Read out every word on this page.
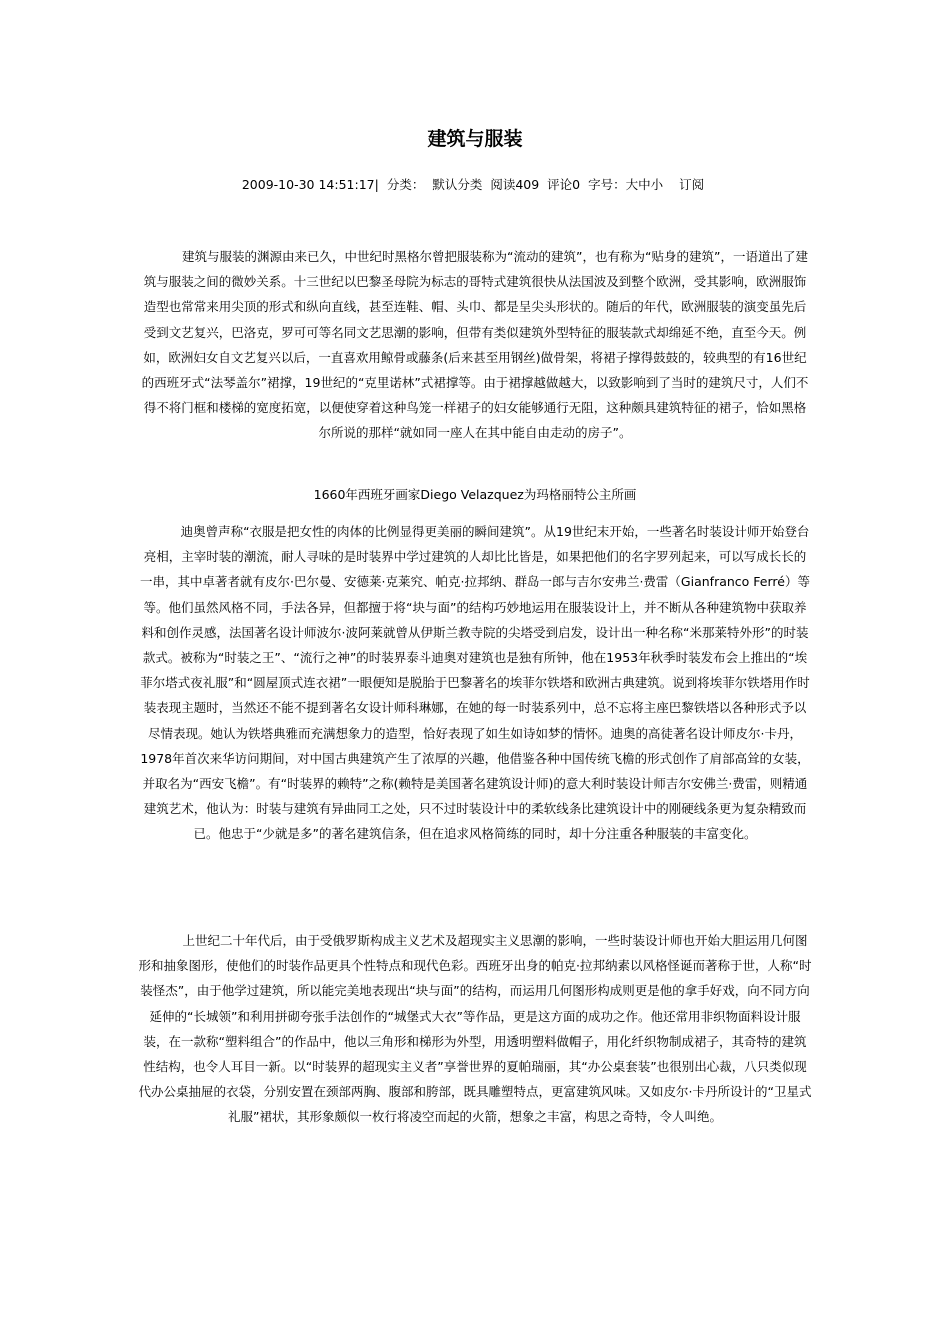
建筑与服装
2009-10-30 14:51:17| 分类： 默认分类 阅读409 评论0 字号：大中小 订阅

建筑与服装的渊源由来已久，中世纪时黑格尔曾把服装称为“流动的建筑”，也有称为“贴身的建筑”，一语道出了建筑与服装之间的微妙关系。十三世纪以巴黎圣母院为标志的哥特式建筑很快从法国波及到整个欧洲，受其影响，欧洲服饰造型也常常来用尖顶的形式和纵向直线，甚至连鞋、帽、头巾、都是呈尖头形状的。随后的年代，欧洲服装的演变虽先后受到文艺复兴，巴洛克，罗可可等名同文艺思潮的影响，但带有类似建筑外型特征的服装款式却绵延不绝，直至今天。例如，欧洲妇女自文艺复兴以后，一直喜欢用鲸骨或藤条(后来甚至用钢丝)做骨架，将裙子撑得鼓鼓的，较典型的有16世纪的西班牙式“法琴盖尔”裙撑，19世纪的“克里诺林”式裙撑等。由于裙撑越做越大，以致影响到了当时的建筑尺寸，人们不得不将门框和楼梯的宽度拓宽，以便使穿着这种鸟笼一样裙子的妇女能够通行无阻，这种颇具建筑特征的裙子，恰如黑格尔所说的那样“就如同一座人在其中能自由走动的房子”。

1660年西班牙画家Diego Velazquez为玛格丽特公主所画

迪奥曾声称“衣服是把女性的肉体的比例显得更美丽的瞬间建筑”。从19世纪末开始，一些著名时装设计师开始登台亮相，主宰时装的潮流，耐人寻味的是时装界中学过建筑的人却比比皆是，如果把他们的名字罗列起来，可以写成长长的一串，其中卓著者就有皮尔·巴尔曼、安德莱·克莱究、帕克·拉邦纳、群岛一郎与吉尔安弗兰·费雷（Gianfranco Ferré）等等。他们虽然风格不同，手法各异，但都擅于将“块与面”的结构巧妙地运用在服装设计上，并不断从各种建筑物中获取养料和创作灵感，法国著名设计师波尔·波阿莱就曾从伊斯兰教寺院的尖塔受到启发，设计出一种名称“米那莱特外形”的时装款式。被称为“时装之王”、“流行之神”的时装界泰斗迪奥对建筑也是独有所钟，他在1953年秋季时装发布会上推出的“埃菲尔塔式夜礼服”和“圆屋顶式连衣裙”一眼便知是脱胎于巴黎著名的埃菲尔铁塔和欧洲古典建筑。说到将埃菲尔铁塔用作时装表现主题时，当然还不能不提到著名女设计师科琳娜，在她的每一时装系列中，总不忘将主座巴黎铁塔以各种形式予以尽情表现。她认为铁塔典雅而充满想象力的造型，恰好表现了如生如诗如梦的情怀。迪奥的高徒著名设计师皮尔·卡丹，1978年首次来华访问期间，对中国古典建筑产生了浓厚的兴趣，他借鉴各种中国传统飞檐的形式创作了肩部高耸的女装，并取名为“西安飞檐”。有“时装界的赖特”之称(赖特是美国著名建筑设计师)的意大利时装设计师吉尔安佛兰·费雷，则精通建筑艺术，他认为：时装与建筑有异曲同工之处，只不过时装设计中的柔软线条比建筑设计中的刚硬线条更为复杂精致而已。他忠于“少就是多”的著名建筑信条，但在追求风格简练的同时，却十分注重各种服装的丰富变化。

上世纪二十年代后，由于受俄罗斯构成主义艺术及超现实主义思潮的影响，一些时装设计师也开始大胆运用几何图形和抽象图形，使他们的时装作品更具个性特点和现代色彩。西班牙出身的帕克·拉邦纳素以风格怪诞而著称于世，人称“时装怪杰”，由于他学过建筑，所以能完美地表现出“块与面”的结构，而运用几何图形构成则更是他的拿手好戏，向不同方向延伸的“长城领”和利用拼砌夸张手法创作的“城堡式大衣”等作品，更是这方面的成功之作。他还常用非织物面料设计服装，在一款称“塑料组合”的作品中，他以三角形和梯形为外型，用透明塑料做帽子，用化纤织物制成裙子，其奇特的建筑性结构，也令人耳目一新。以“时装界的超现实主义者”享誉世界的夏帕瑞丽，其“办公桌套装”也很别出心裁，八只类似现代办公桌抽屉的衣袋，分别安置在颈部两胸、腹部和胯部，既具雕塑特点，更富建筑风味。又如皮尔·卡丹所设计的“卫星式礼服”裙状，其形象颇似一枚行将凌空而起的火箭，想象之丰富，构思之奇特，令人叫绝。
